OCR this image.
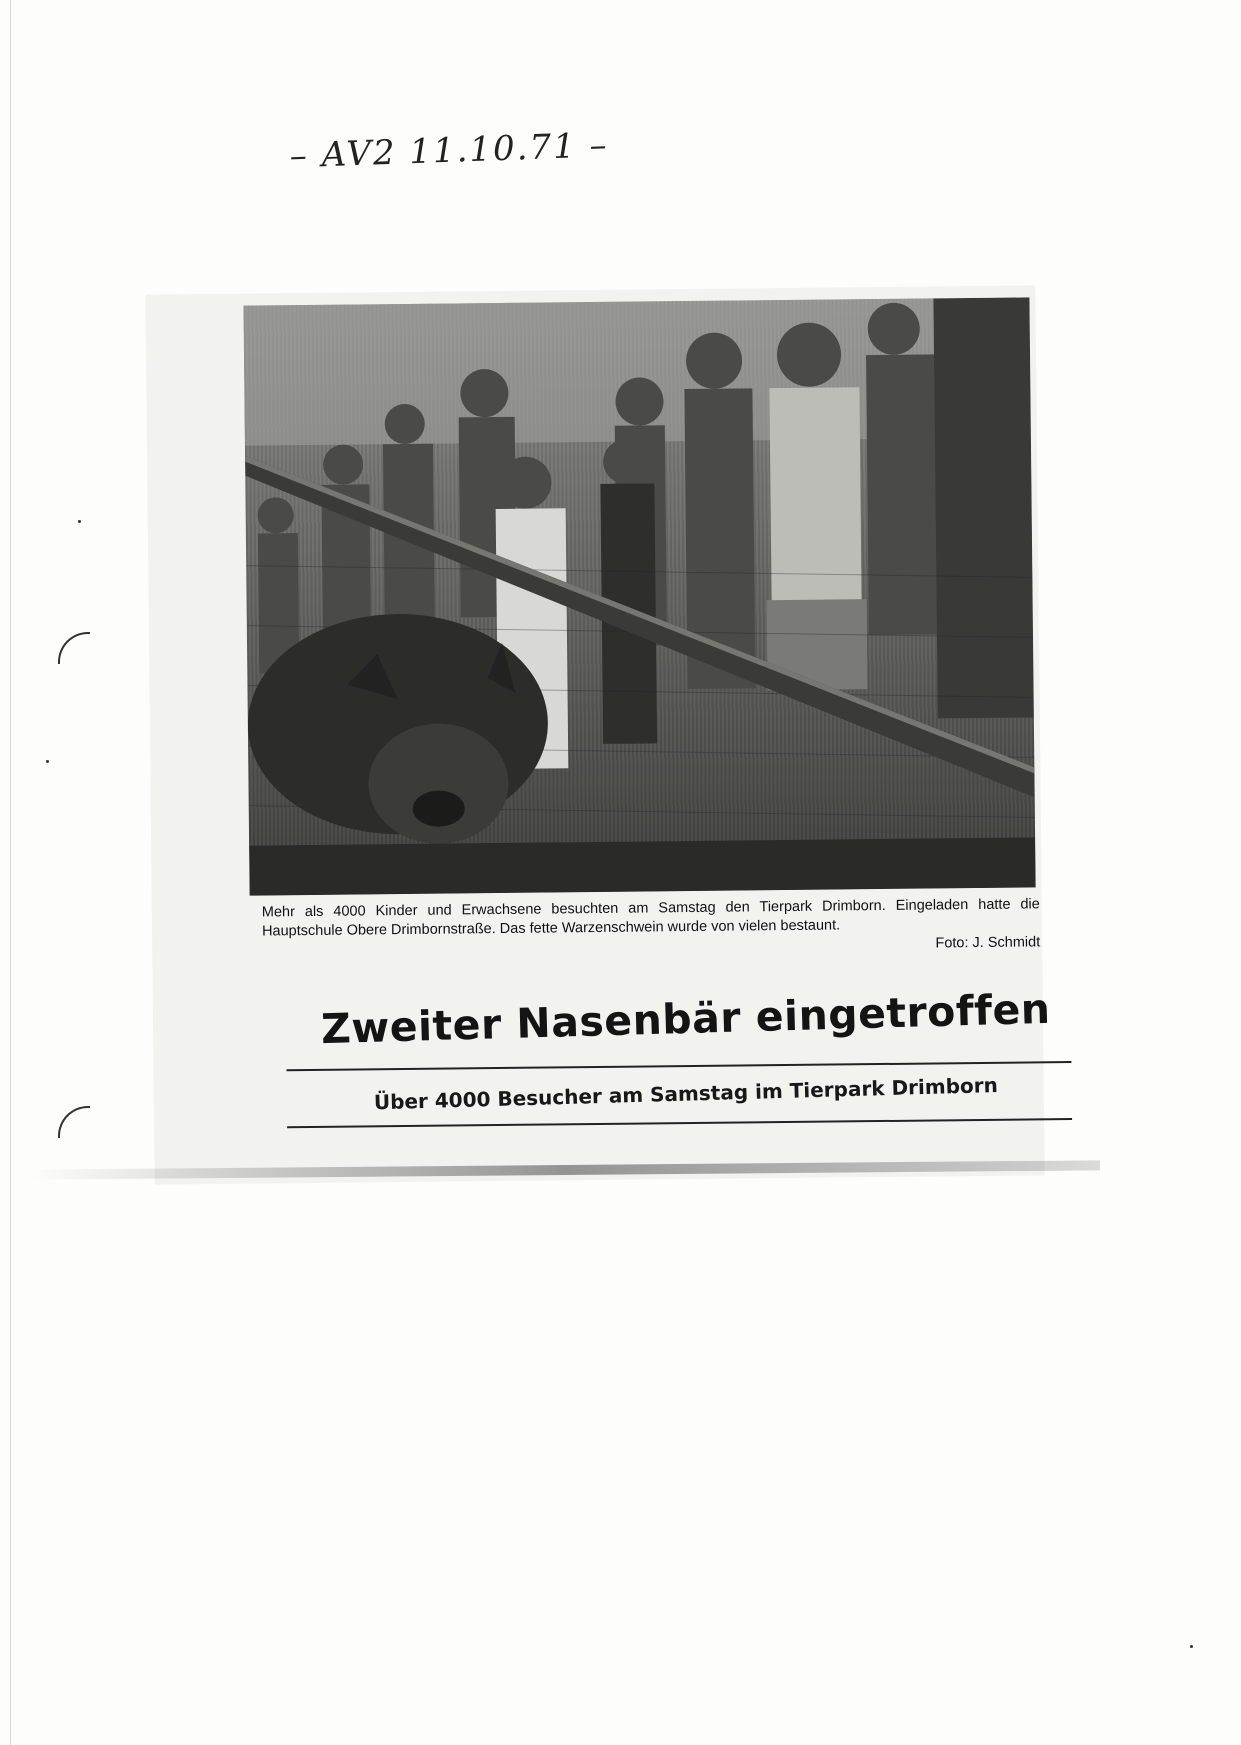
– AV2 11.10.71 –
Mehr als 4000 Kinder und Erwachsene besuchten am Samstag den Tierpark Drimborn. Eingeladen hatte die Hauptschule Obere Drimbornstraße. Das fette Warzenschwein wurde von vielen bestaunt.
Foto: J. Schmidt
Zweiter Nasenbär eingetroffen
Über 4000 Besucher am Samstag im Tierpark Drimborn
